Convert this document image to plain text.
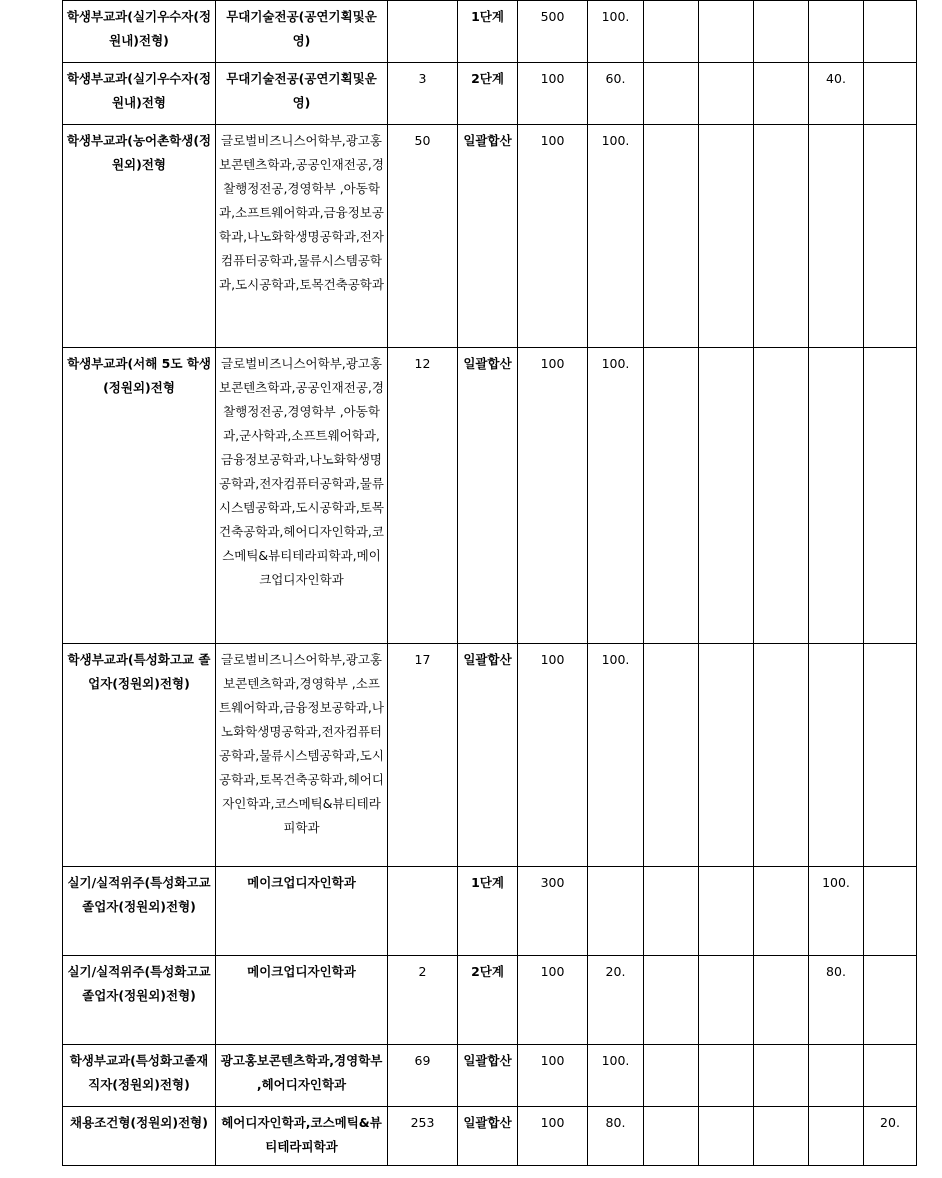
학생부교과(실기우수자(정원내)전형)	무대기술전공(공연기획및운영)		1단계	500	100.					
학생부교과(실기우수자(정원내)전형	무대기술전공(공연기획및운영)	3	2단계	100	60.				40.	
학생부교과(농어촌학생(정원외)전형	글로벌비즈니스어학부,광고홍보콘텐츠학과,공공인재전공,경찰행정전공,경영학부 ,아동학과,소프트웨어학과,금융정보공학과,나노화학생명공학과,전자컴퓨터공학과,물류시스템공학과,도시공학과,토목건축공학과	50	일괄합산	100	100.					
학생부교과(서해 5도 학생(정원외)전형	글로벌비즈니스어학부,광고홍보콘텐츠학과,공공인재전공,경찰행정전공,경영학부 ,아동학과,군사학과,소프트웨어학과,금융정보공학과,나노화학생명공학과,전자컴퓨터공학과,물류시스템공학과,도시공학과,토목건축공학과,헤어디자인학과,코스메틱&뷰티테라피학과,메이크업디자인학과	12	일괄합산	100	100.					
학생부교과(특성화고교 졸업자(정원외)전형)	글로벌비즈니스어학부,광고홍보콘텐츠학과,경영학부 ,소프트웨어학과,금융정보공학과,나노화학생명공학과,전자컴퓨터공학과,물류시스템공학과,도시공학과,토목건축공학과,헤어디자인학과,코스메틱&뷰티테라피학과	17	일괄합산	100	100.					
실기/실적위주(특성화고교 졸업자(정원외)전형)	메이크업디자인학과		1단계	300					100.	
실기/실적위주(특성화고교 졸업자(정원외)전형)	메이크업디자인학과	2	2단계	100	20.				80.	
학생부교과(특성화고졸재직자(정원외)전형)	광고홍보콘텐츠학과,경영학부 ,헤어디자인학과	69	일괄합산	100	100.					
채용조건형(정원외)전형)	헤어디자인학과,코스메틱&뷰티테라피학과	253	일괄합산	100	80.					20.
